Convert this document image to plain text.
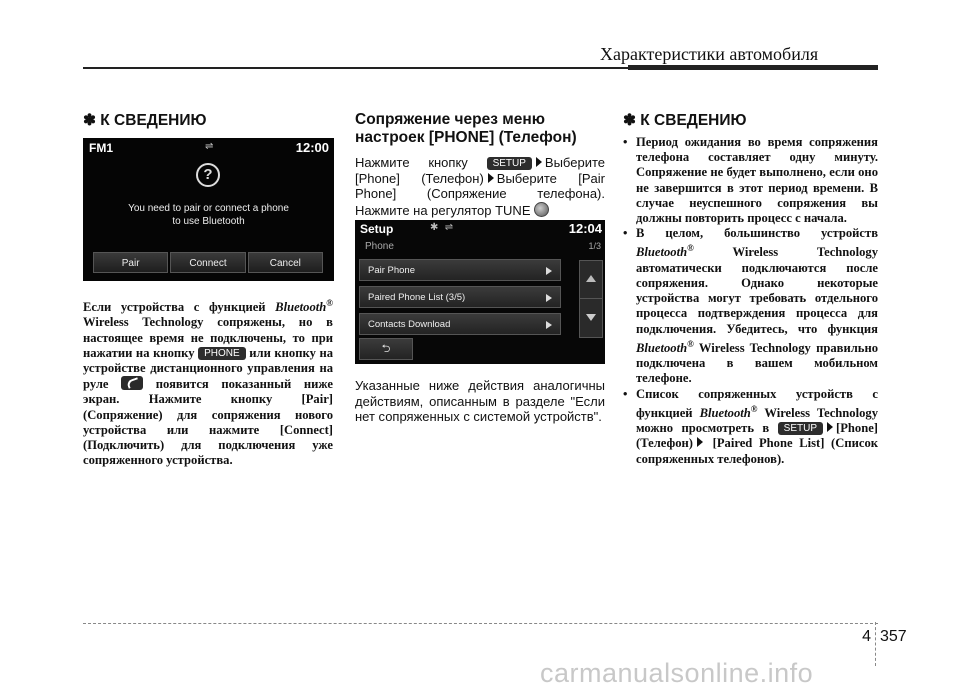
Характеристики автомобиля
✽ К СВЕДЕНИЮ
FM1	⇌	12:00
?
You need to pair or connect a phone
to use Bluetooth
Pair	Connect	Cancel
Если устройства с функцией Bluetooth® Wireless Technology сопряжены, но в настоящее время не подключены, то при нажатии на кнопку PHONE или кнопку на устройстве дистанционного управления на руле	появится показанный ниже экран. Нажмите кнопку [Pair] (Сопряжение) для сопряжения нового устройства или нажмите [Connect] (Подключить) для подключения уже сопряженного устройства.
Сопряжение через меню настроек [PHONE] (Телефон)
Нажмите кнопку SETUP Выберите [Phone] (Телефон) Выберите [Pair Phone] (Сопряжение телефона). Нажмите на регулятор TUNE
Setup	✱  ⇌	12:04
Phone	1/3
Pair Phone
Paired Phone List (3/5)
Contacts Download
⮌
Указанные ниже действия аналогичны действиям, описанным в разделе "Если нет сопряженных с системой устройств".
✽ К СВЕДЕНИЮ
• Период ожидания во время сопряжения телефона составляет одну минуту. Сопряжение не будет выполнено, если оно не завершится в этот период времени. В случае неуспешного сопряжения вы должны повторить процесс с начала.
• В целом, большинство устройств Bluetooth®	Wireless Technology автоматически подключаются после сопряжения. Однако некоторые устройства могут требовать отдельного процесса подтверждения процесса для подключения. Убедитесь, что функция Bluetooth® Wireless Technology правильно подключена в вашем мобильном телефоне.
• Список сопряженных устройств с функцией Bluetooth® Wireless Technology можно просмотреть в SETUP [Phone] (Телефон) [Paired Phone List] (Список сопряженных телефонов).
4 357
carmanualsonline.info
